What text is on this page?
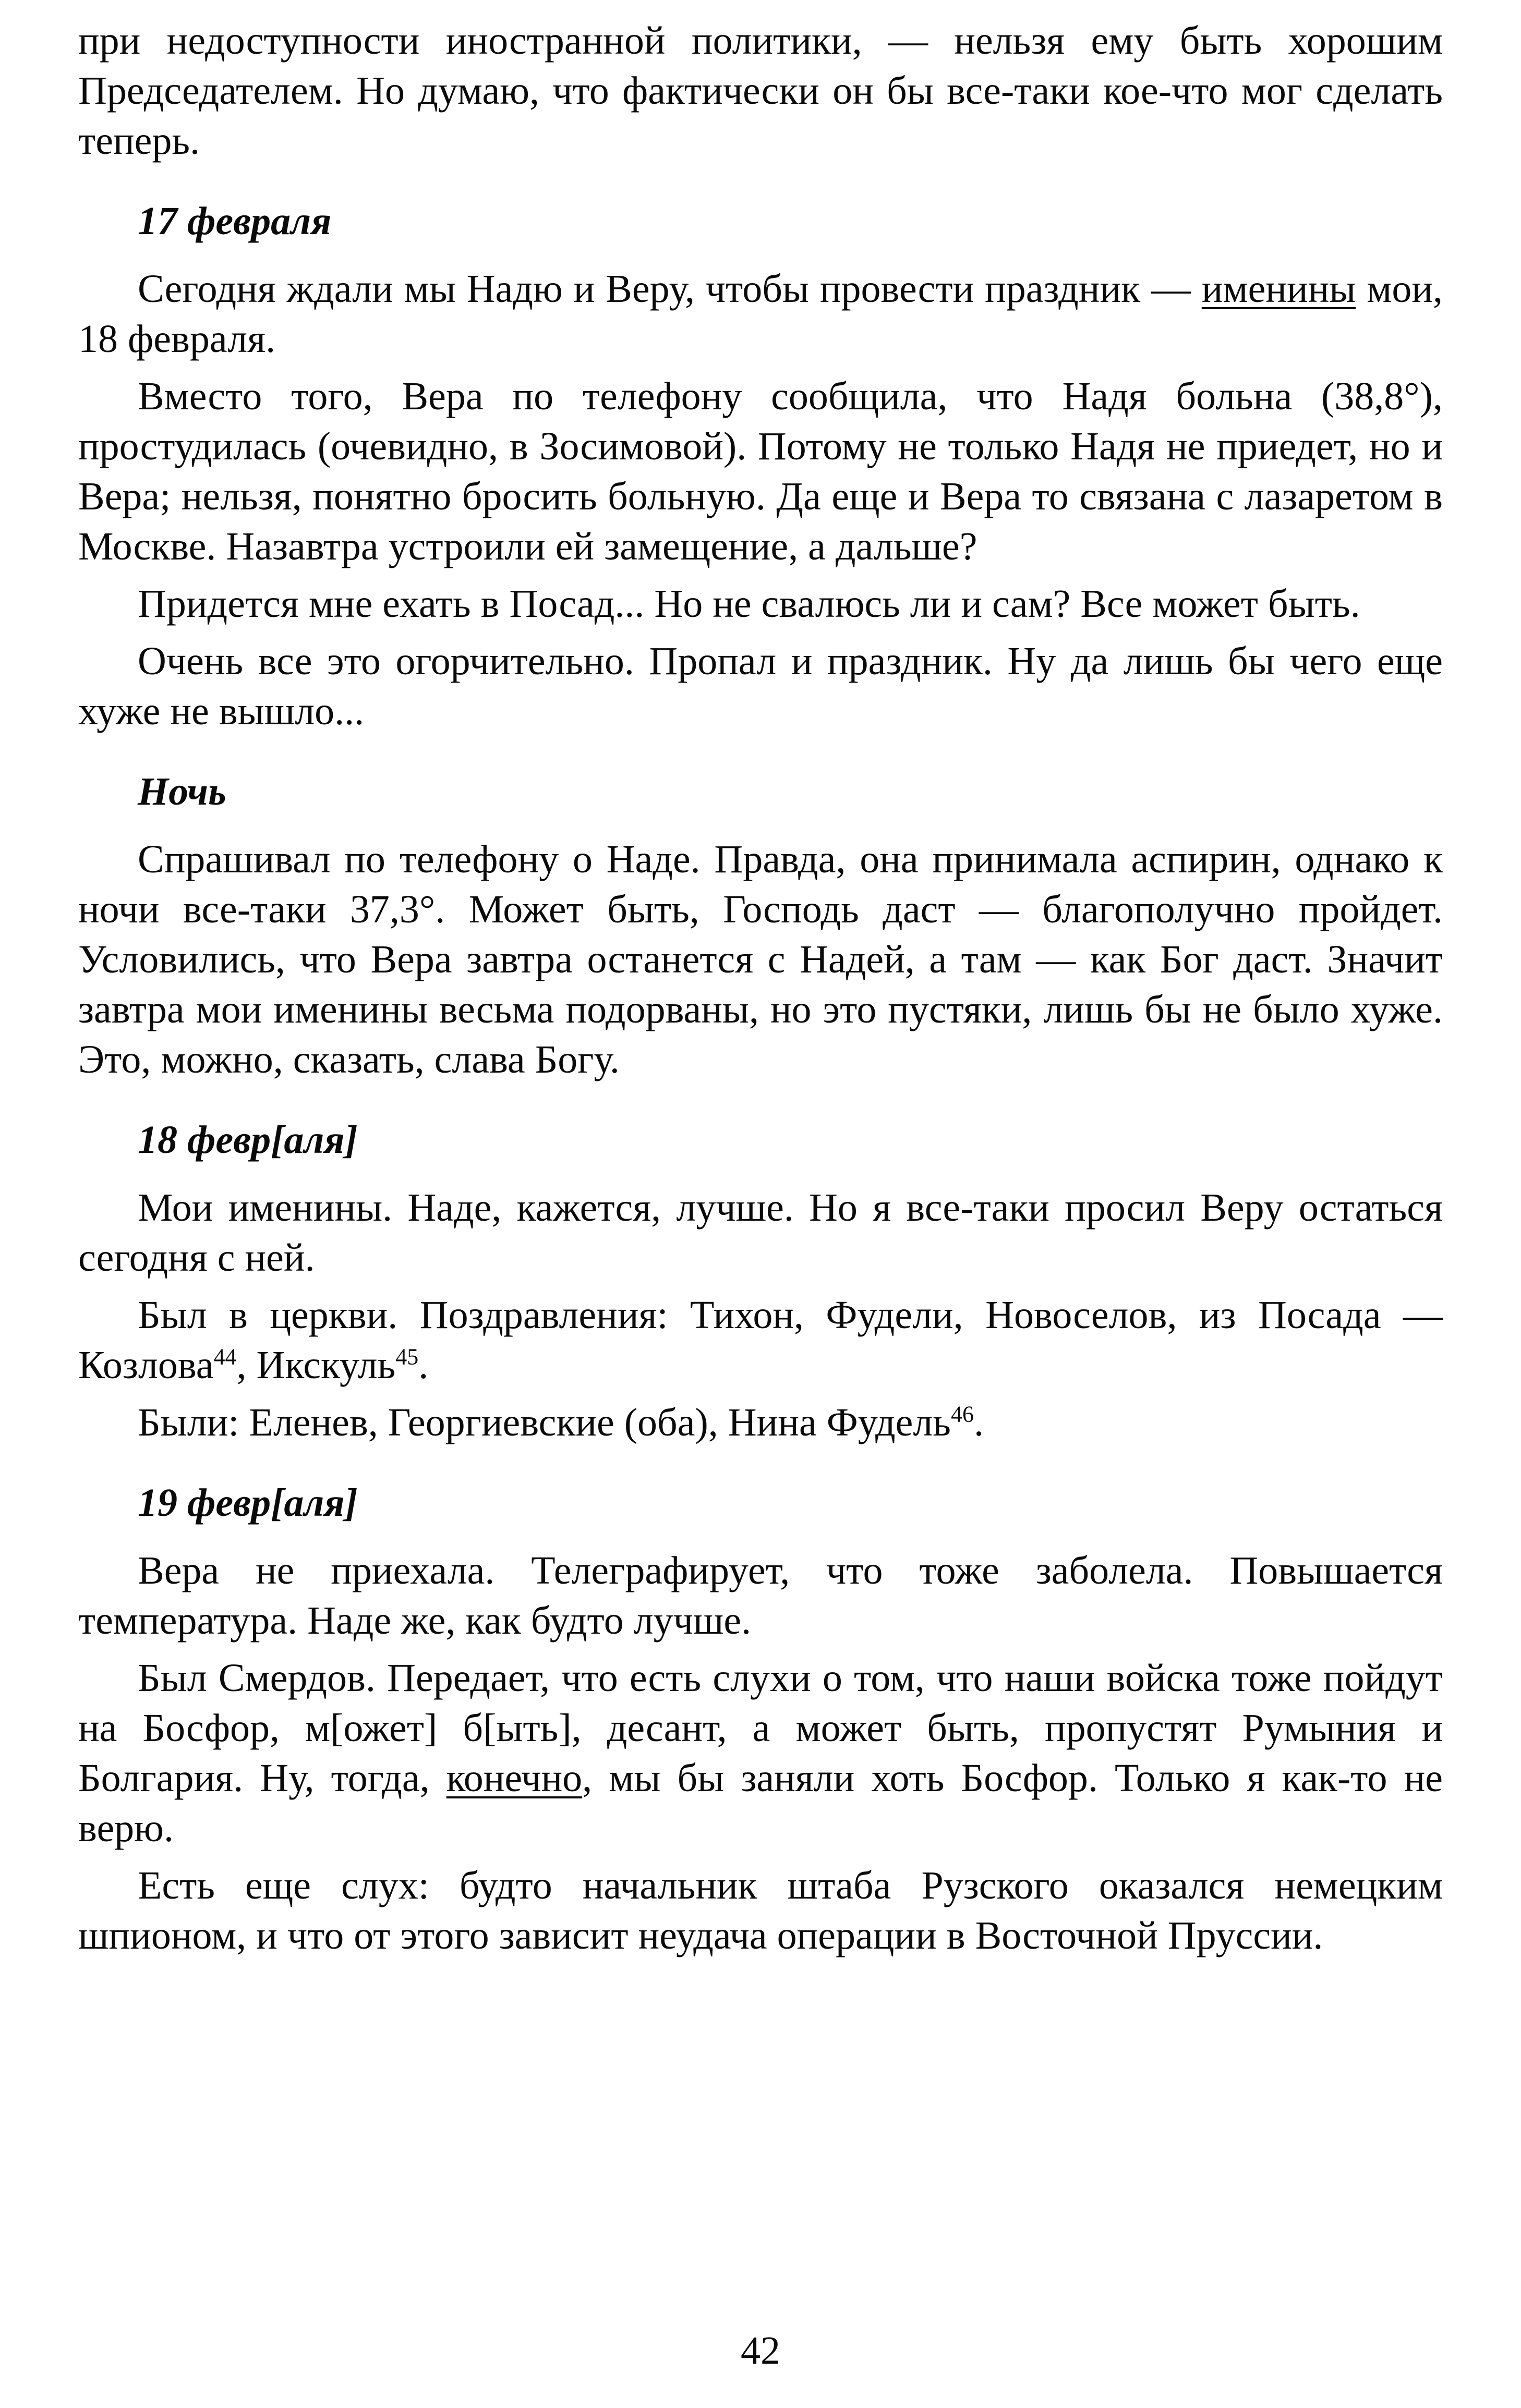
при недоступности иностранной политики, — нельзя ему быть хорошим Председателем. Но думаю, что фактически он бы все-таки кое-что мог сделать теперь.

17 февраля

Сегодня ждали мы Надю и Веру, чтобы провести праздник — именины мои, 18 февраля.

Вместо того, Вера по телефону сообщила, что Надя больна (38,8°), простудилась (очевидно, в Зосимовой). Потому не только Надя не приедет, но и Вера; нельзя, понятно бросить больную. Да еще и Вера то связана с лазаретом в Москве. Назавтра устроили ей замещение, а дальше?

Придется мне ехать в Посад... Но не свалюсь ли и сам? Все может быть.

Очень все это огорчительно. Пропал и праздник. Ну да лишь бы чего еще хуже не вышло...

Ночь

Спрашивал по телефону о Наде. Правда, она принимала аспирин, однако к ночи все-таки 37,3°. Может быть, Господь даст — благополучно пройдет. Условились, что Вера завтра останется с Надей, а там — как Бог даст. Значит завтра мои именины весьма подорваны, но это пустяки, лишь бы не было хуже. Это, можно, сказать, слава Богу.

18 февр[аля]

Мои именины. Наде, кажется, лучше. Но я все-таки просил Веру остаться сегодня с ней.

Был в церкви. Поздравления: Тихон, Фудели, Новоселов, из Посада — Козлова$^{44}$, Икскуль$^{45}$.

Были: Еленев, Георгиевские (оба), Нина Фудель$^{46}$.

19 февр[аля]

Вера не приехала. Телеграфирует, что тоже заболела. Повышается температура. Наде же, как будто лучше.

Был Смердов. Передает, что есть слухи о том, что наши войска тоже пойдут на Босфор, м[ожет] б[ыть], десант, а может быть, пропустят Румыния и Болгария. Ну, тогда, конечно, мы бы заняли хоть Босфор. Только я как-то не верю.

Есть еще слух: будто начальник штаба Рузского оказался немецким шпионом, и что от этого зависит неудача операции в Восточной Пруссии.

42
